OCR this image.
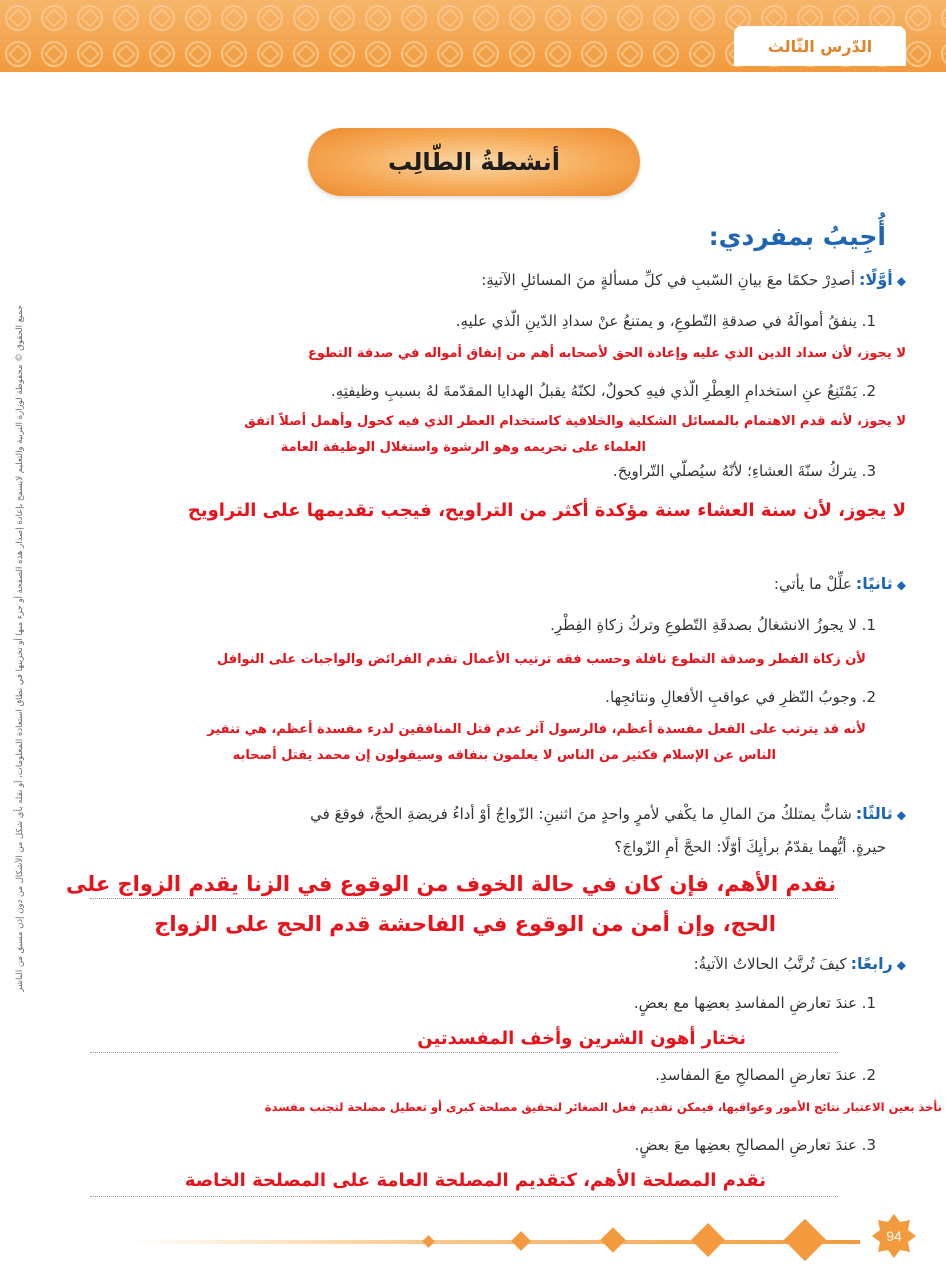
الدّرس الثّالث
أنشطةُ الطّالِب
أُجِيبُ بمفردي:
جميع الحقوق © محفوظة لوزارة التربية والتعليم لايسمح بإعادة إصدار هذه الصفحة أو جزء منها أو تخزينها في نطاق استعادة المعلومات، أو نقله بأي شكل من الأشكال من دون إذن مسبق من الناشر
◆أوَّلًا:أصدِرْ حكمًا معَ بيانِ السّببِ في كلِّ مسألةٍ منَ المسائلِ الآتيةِ:
1. ينفقُ أموالَهُ في صدقةِ التّطوعِ، و يمتنعُ عنْ سدادِ الدّينِ الّذي عليهِ.
لا يجوز، لأن سداد الدين الذي عليه وإعادة الحق لأصحابه أهم من إنفاق أمواله في صدقة التطوع
2. يَمْتَنِعُ عنِ استخدامِ العِطْرِ الّذي فيهِ كحولٌ، لكنّهُ يقبلُ الهدايا المقدّمةَ لهُ بسببِ وظيفتِهِ.
لا يجوز، لأنه قدم الاهتمام بالمسائل الشكلية والخلافية كاستخدام العطر الذي فيه كحول وأهمل أصلاً اتفق
العلماء على تحريمه وهو الرشوة واستغلال الوظيفة العامة
3. يتركُ سنّةَ العشاءِ؛ لأنّهُ سيُصلّي التّراويحَ.
لا يجوز، لأن سنة العشاء سنة مؤكدة أكثر من التراويح، فيجب تقديمها على التراويح
◆ثانيًا:علِّلْ ما يأتي:
1. لا يجوزُ الانشغالُ بصدقَةِ التّطوعِ وتركُ زكاةِ الفِطْرِ.
لأن زكاة الفطر وصدقة التطوع نافلة وحسب فقه ترتيب الأعمال تقدم الفرائض والواجبات على النوافل
2. وجوبُ النّظرِ في عواقبِ الأفعالِ ونتائجِها.
لأنه قد يترتب على الفعل مفسدة أعظم، فالرسول آثر عدم قتل المنافقين لدرء مفسدة أعظم، هي تنفير
الناس عن الإسلام فكثير من الناس لا يعلمون بنفاقه وسيقولون إن محمد يقتل أصحابه
◆ثالثًا:شابٌّ يمتلكُ منَ المالِ ما يكْفي لأمرٍ واحدٍ منَ اثنينِ: الزّواجُ أوْ أداءُ فريضةِ الحجِّ، فوقعَ في
حيرةٍ. أيُّهما يقدّمُ برأيِكَ أوّلًا: الحجَّ أمِ الزّواجَ؟
نقدم الأهم، فإن كان في حالة الخوف من الوقوع في الزنا يقدم الزواج على
الحج، وإن أمن من الوقوع في الفاحشة قدم الحج على الزواج
◆رابعًا:كيفَ تُرتَّبُ الحالاتُ الآتيةُ:
1. عندَ تعارضِ المفاسدِ بعضِها مع بعضٍ.
نختار أهون الشرين وأخف المفسدتين
2. عندَ تعارضِ المصالحِ معَ المفاسدِ.
نأخذ بعين الاعتبار نتائج الأمور وعواقبها، فيمكن تقديم فعل الصغائر لتحقيق مصلحة كبرى أو تعطيل مصلحة لتجنب مفسدة
3. عندَ تعارضِ المصالحِ بعضِها معَ بعضٍ.
نقدم المصلحة الأهم، كتقديم المصلحة العامة على المصلحة الخاصة
94
